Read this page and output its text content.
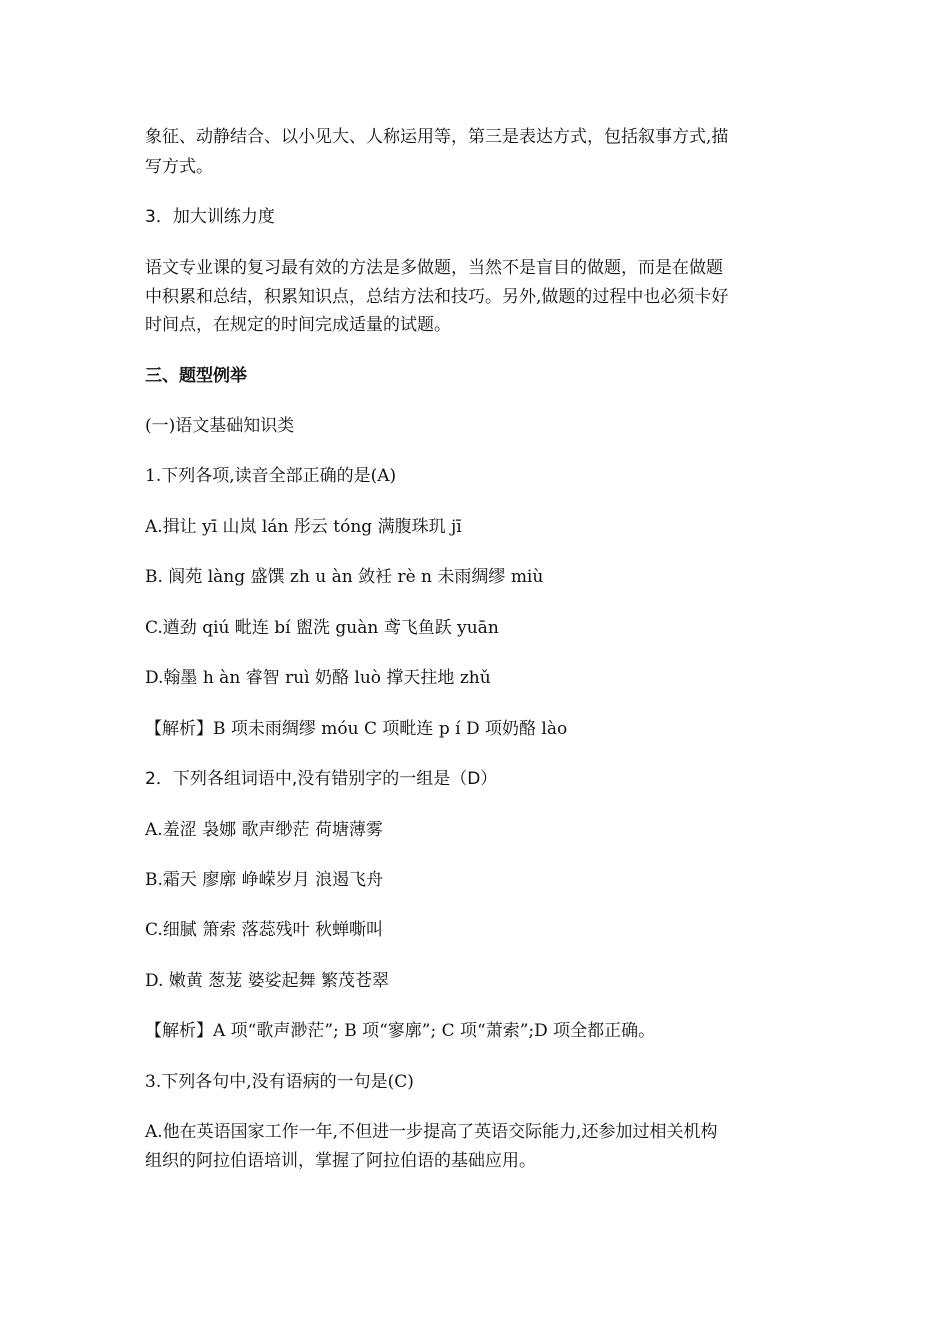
象征、动静结合、以小见大、人称运用等，第三是表达方式，包括叙事方式,描
写方式。
3．加大训练力度
语文专业课的复习最有效的方法是多做题，当然不是盲目的做题，而是在做题
中积累和总结，积累知识点，总结方法和技巧。另外,做题的过程中也必须卡好
时间点，在规定的时间完成适量的试题。
三、题型例举
(一)语文基础知识类
1.下列各项,读音全部正确的是(A)
A.揖让 yī 山岚 lán 彤云 tóng 满腹珠玑 jī
B. 阆苑 làng 盛馔 zh u àn 敛衽 rè n 未雨绸缪 miù
C.遒劲 qiú 毗连 bí 盥洗 guàn 鸢飞鱼跃 yuān
D.翰墨 h àn 睿智 ruì 奶酪 luò 撑天拄地 zhǔ
【解析】B 项未雨绸缪 móu C 项毗连 p í D 项奶酪 lào
2．下列各组词语中,没有错别字的一组是（D）
A.羞涩 袅娜 歌声缈茫 荷塘薄雾
B.霜天 廖廓 峥嵘岁月 浪遏飞舟
C.细腻 箫索 落蕊残叶 秋蝉嘶叫
D. 嫩黄 葱茏 婆娑起舞 繁茂苍翠
【解析】A 项“歌声渺茫”; B 项“寥廓”; C 项“萧索”;D 项全都正确。
3.下列各句中,没有语病的一句是(C)
A.他在英语国家工作一年,不但进一步提高了英语交际能力,还参加过相关机构
组织的阿拉伯语培训，掌握了阿拉伯语的基础应用。
